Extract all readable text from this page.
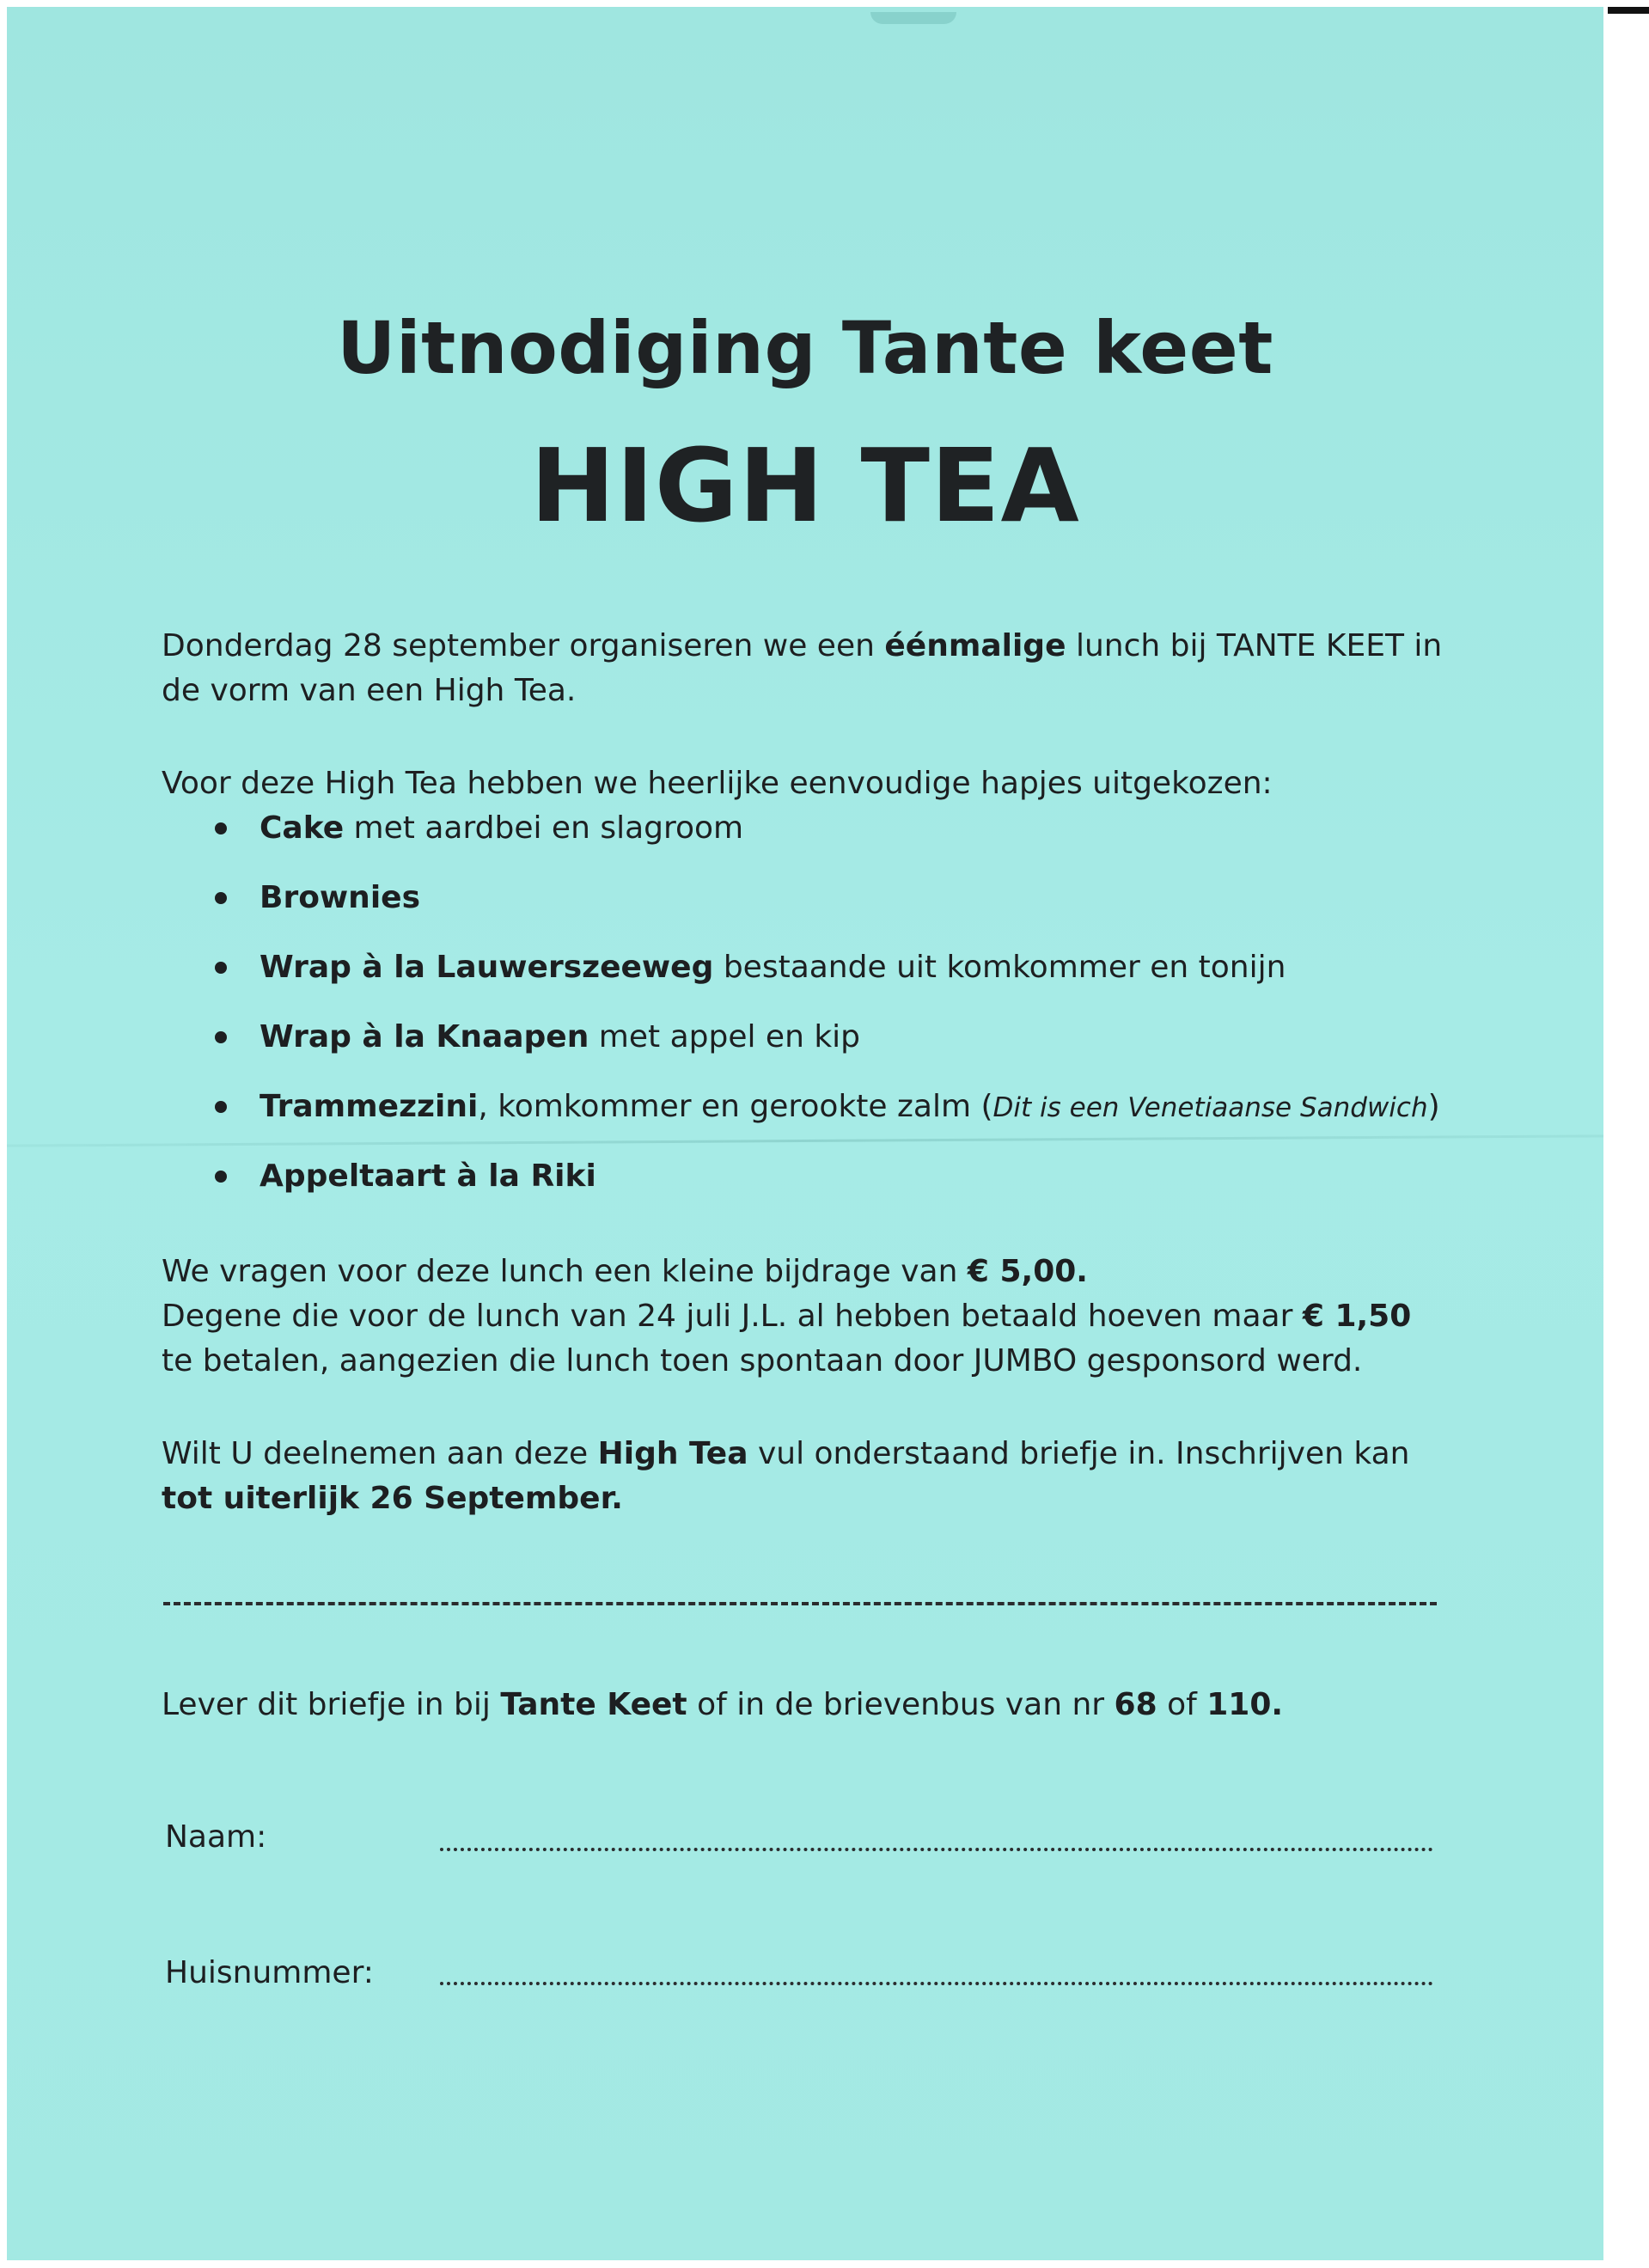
Uitnodiging Tante keet
HIGH TEA
Donderdag 28 september organiseren we een éénmalige lunch bij TANTE KEET in de vorm van een High Tea.
Voor deze High Tea hebben we heerlijke eenvoudige hapjes uitgekozen:
Cake met aardbei en slagroom
Brownies
Wrap à la Lauwerszeeweg bestaande uit komkommer en tonijn
Wrap à la Knaapen met appel en kip
Trammezzini, komkommer en gerookte zalm (Dit is een Venetiaanse Sandwich)
Appeltaart à la Riki
We vragen voor deze lunch een kleine bijdrage van € 5,00.
Degene die voor de lunch van 24 juli J.L. al hebben betaald hoeven maar € 1,50 te betalen, aangezien die lunch toen spontaan door JUMBO gesponsord werd.
Wilt U deelnemen aan deze High Tea vul onderstaand briefje in. Inschrijven kan tot uiterlijk 26 September.
Lever dit briefje in bij Tante Keet of in de brievenbus van nr 68 of 110.
Naam:
Huisnummer:
